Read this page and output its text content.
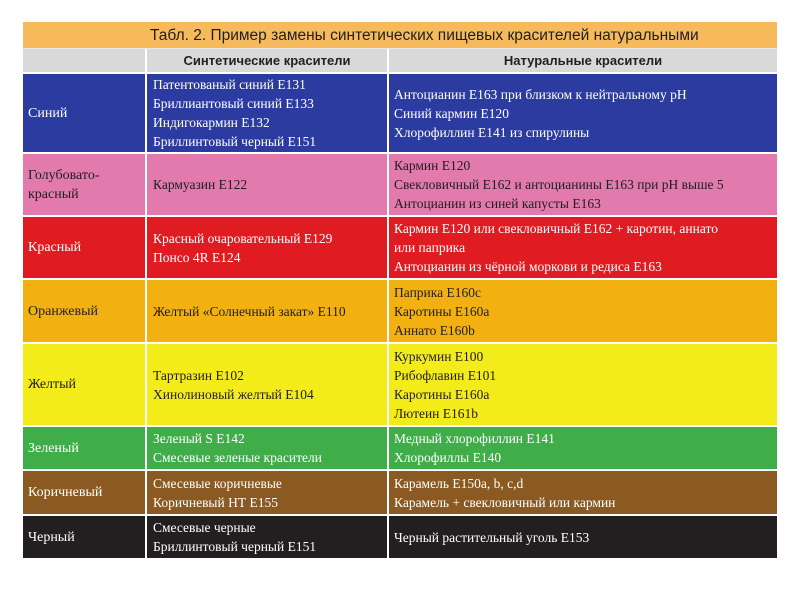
Табл. 2. Пример замены синтетических пищевых красителей натуральными
Синтетические красители	Натуральные красители
Синий
Патентованый синий Е131
Бриллиантовый синий Е133
Индигокармин Е132
Бриллинтовый черный Е151
Антоцианин Е163 при близком к нейтральному pH
Синий кармин Е120
Хлорофиллин Е141 из спирулины
Голубовато-
красный
Кармуазин Е122
Кармин Е120
Свекловичный Е162 и антоцианины Е163 при pH выше 5
Антоцианин из синей капусты Е163
Красный
Красный очаровательный Е129
Понсо 4R Е124
Кармин Е120 или свекловичный Е162 + каротин, аннато
или паприка
Антоцианин из чёрной моркови и редиса Е163
Оранжевый	Желтый «Солнечный закат» Е110
Паприка Е160с
Каротины Е160а
Аннато Е160b
Желтый
Тартразин Е102
Хинолиновый желтый Е104
Куркумин Е100
Рибофлавин Е101
Каротины Е160а
Лютеин Е161b
Зеленый
Зеленый S Е142
Смесевые зеленые красители
Медный хлорофиллин Е141
Хлорофиллы Е140
Коричневый
Смесевые коричневые
Коричневый НТ Е155
Карамель Е150а, b, c,d
Карамель + свекловичный или кармин
Черный
Смесевые черные
Бриллинтовый черный Е151
Черный растительный уголь Е153
